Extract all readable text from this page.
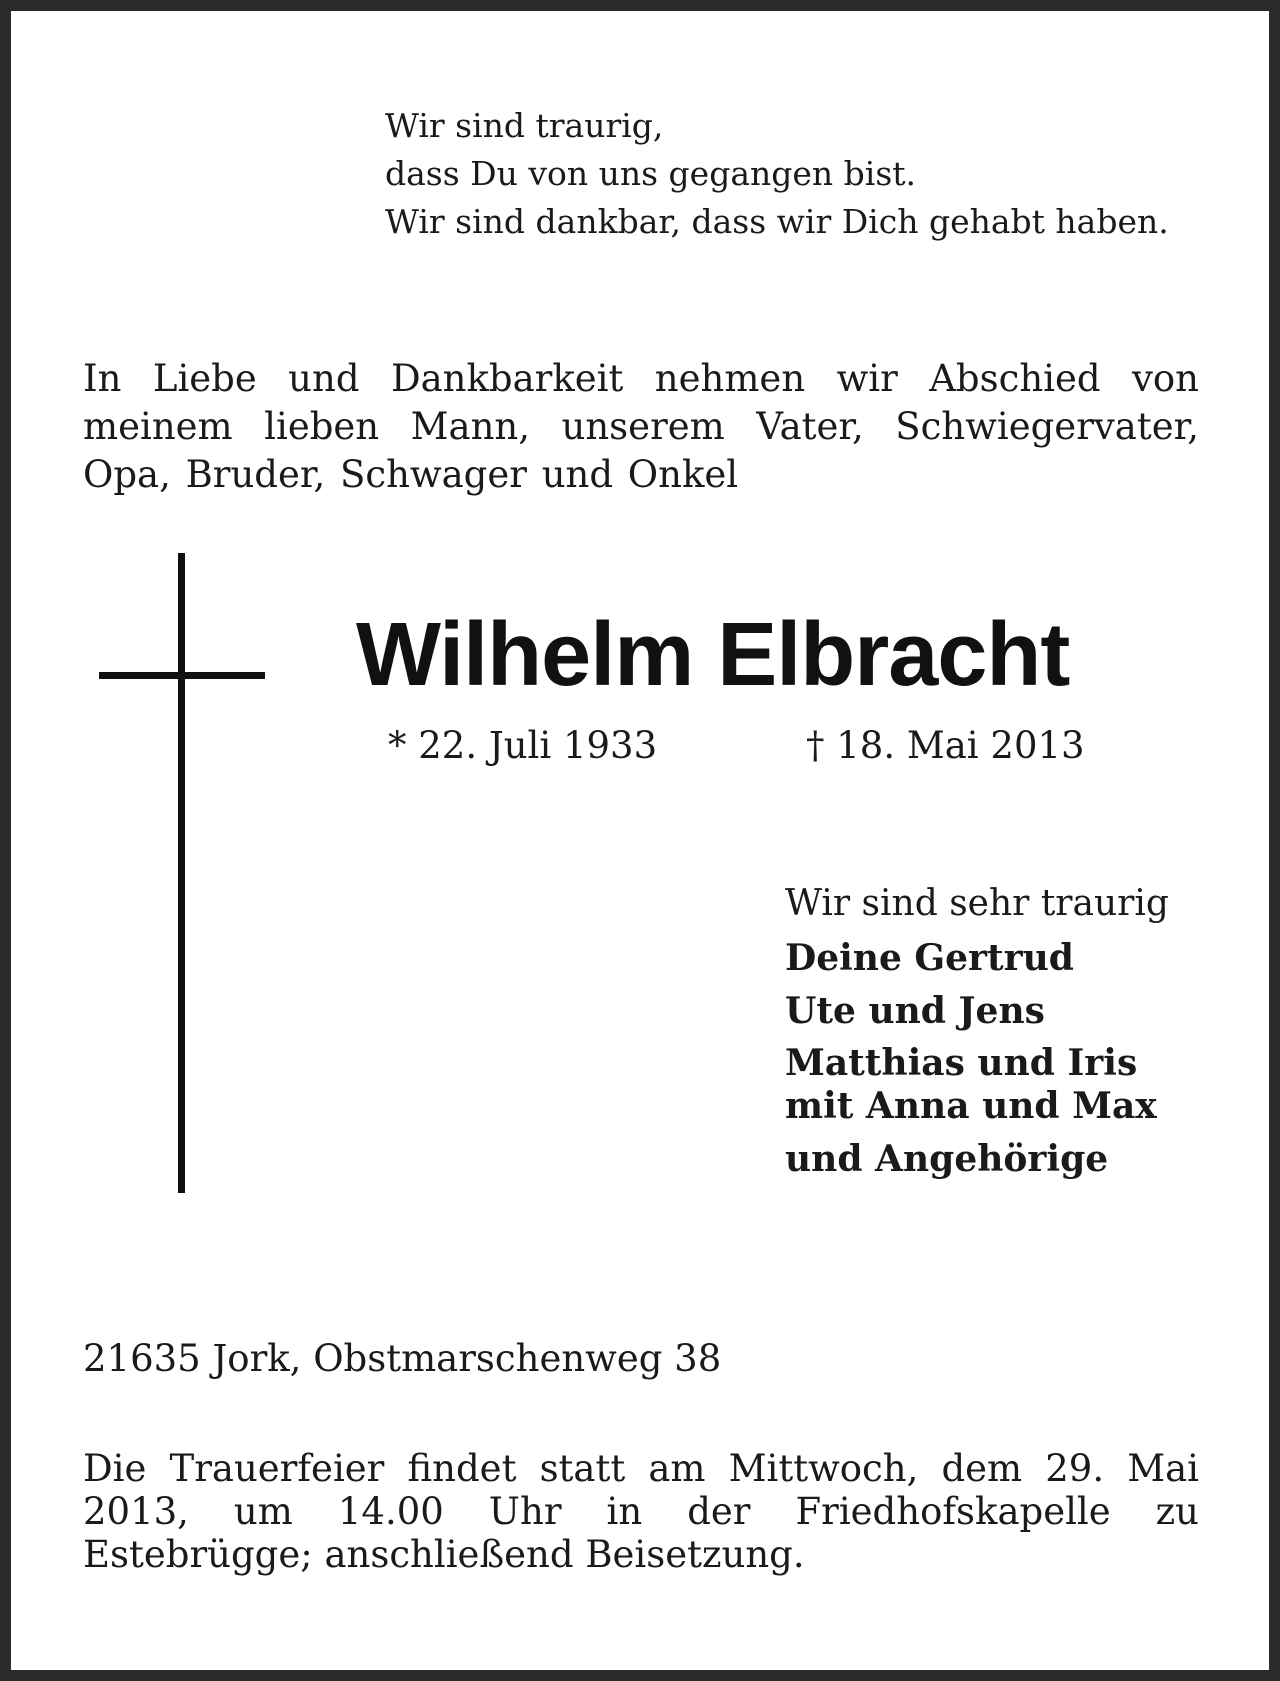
Wir sind traurig,
dass Du von uns gegangen bist.
Wir sind dankbar, dass wir Dich gehabt haben.
In Liebe und Dankbarkeit nehmen wir Abschied von meinem lieben Mann, unserem Vater, Schwiegervater, Opa, Bruder, Schwager und Onkel
Wilhelm Elbracht
* 22. Juli 1933	† 18. Mai 2013
Wir sind sehr traurig
Deine Gertrud
Ute und Jens
Matthias und Iris
mit Anna und Max
und Angehörige
21635 Jork, Obstmarschenweg 38
Die Trauerfeier findet statt am Mittwoch, dem 29. Mai 2013, um 14.00 Uhr in der Friedhofskapelle zu Estebrügge; anschließend Beisetzung.
